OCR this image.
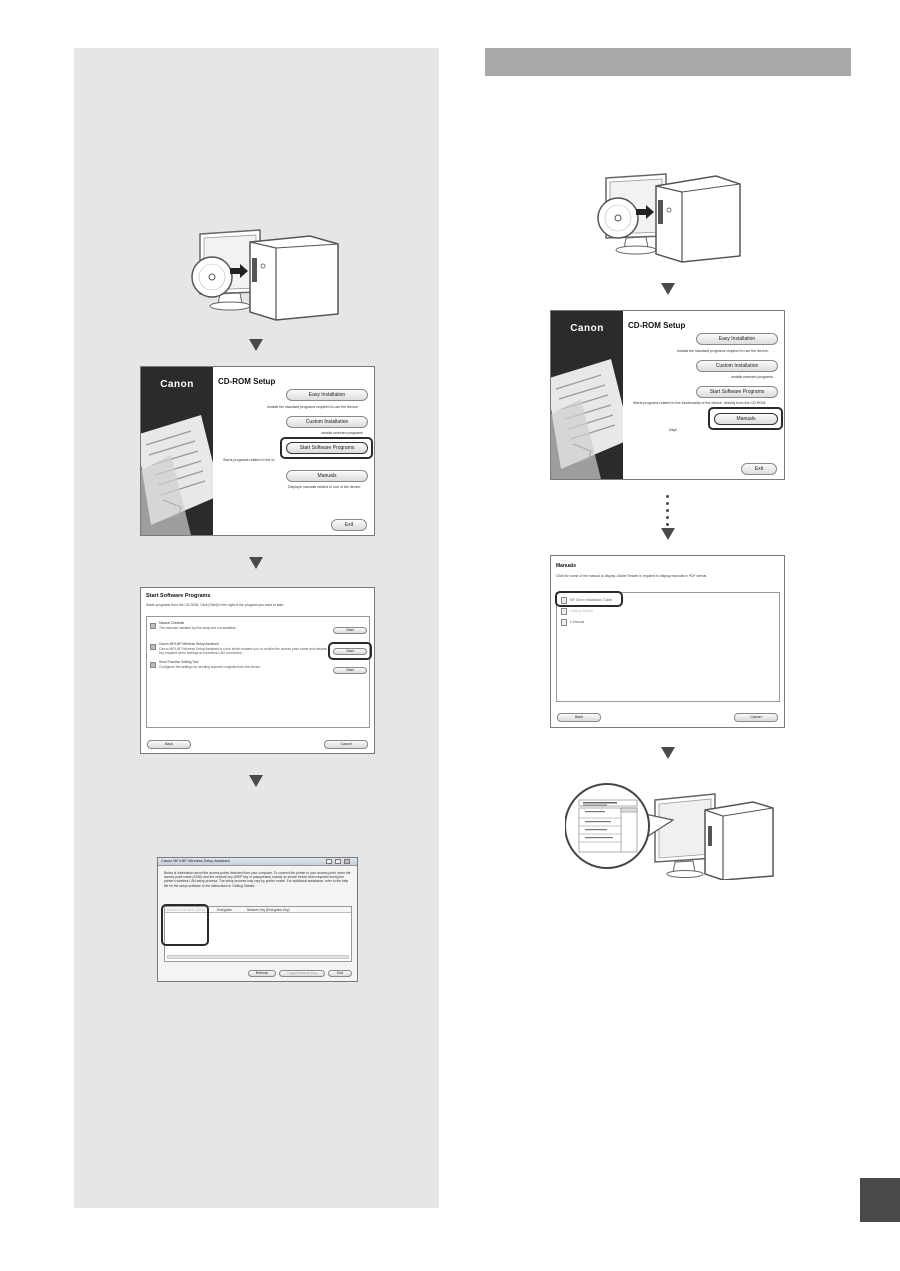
Canon	CD-ROM Setup
Easy Installation
Installs the standard programs required to use the device.
Custom Installation
Installs selected programs.
Start Software Programs
Starts programs related to the fu
Manuals
Displays manuals related to use of the device.
Exit
Start Software Programs
Starts programs from the CD-ROM. Click [Start] to the right of the program you want to start.
Manual Checklist
The manuals installed by this setup are not available.	Start
Canon MF/LBP Wireless Setup Assistant
Canon MF/LBP Wireless Setup Assistant is a tool which enables you to confirm the access point name and network key required when settings at a wireless LAN connection.	Start
Send Function Setting Tool
Configures the settings for sending scanned originals from the device.
Start
Back	Cancel
Canon MF/LBP Wireless Setup Assistant
Below is information about the access points detected from your computer. To connect the printer to your access point, enter the access point name (SSID) and the network key (WEP key or passphrase) exactly as shown below when required during the printer's wireless LAN setup process. The setup process may vary by printer model. For additional assistance, refer to the help file for the setup software or the instructions in Getting Started.
Access Point Name (SSID)	Encryption	Network Key (Encryption Key)
Refresh	Copy Network Key	Exit
Canon	CD-ROM Setup
Easy Installation
Installs the standard programs required to use the device.
Custom Installation
Installs selected programs.
Start Software Programs
Starts programs related to the functionality of the device, directly from the CD-ROM.
Manuals
Displ
Exit
Manuals
Click the name of the manual to display. Adobe Reader is required to display manuals in PDF format.
MF Driver Installation Guide
Getting Started
e-Manual
Back	Cancel
